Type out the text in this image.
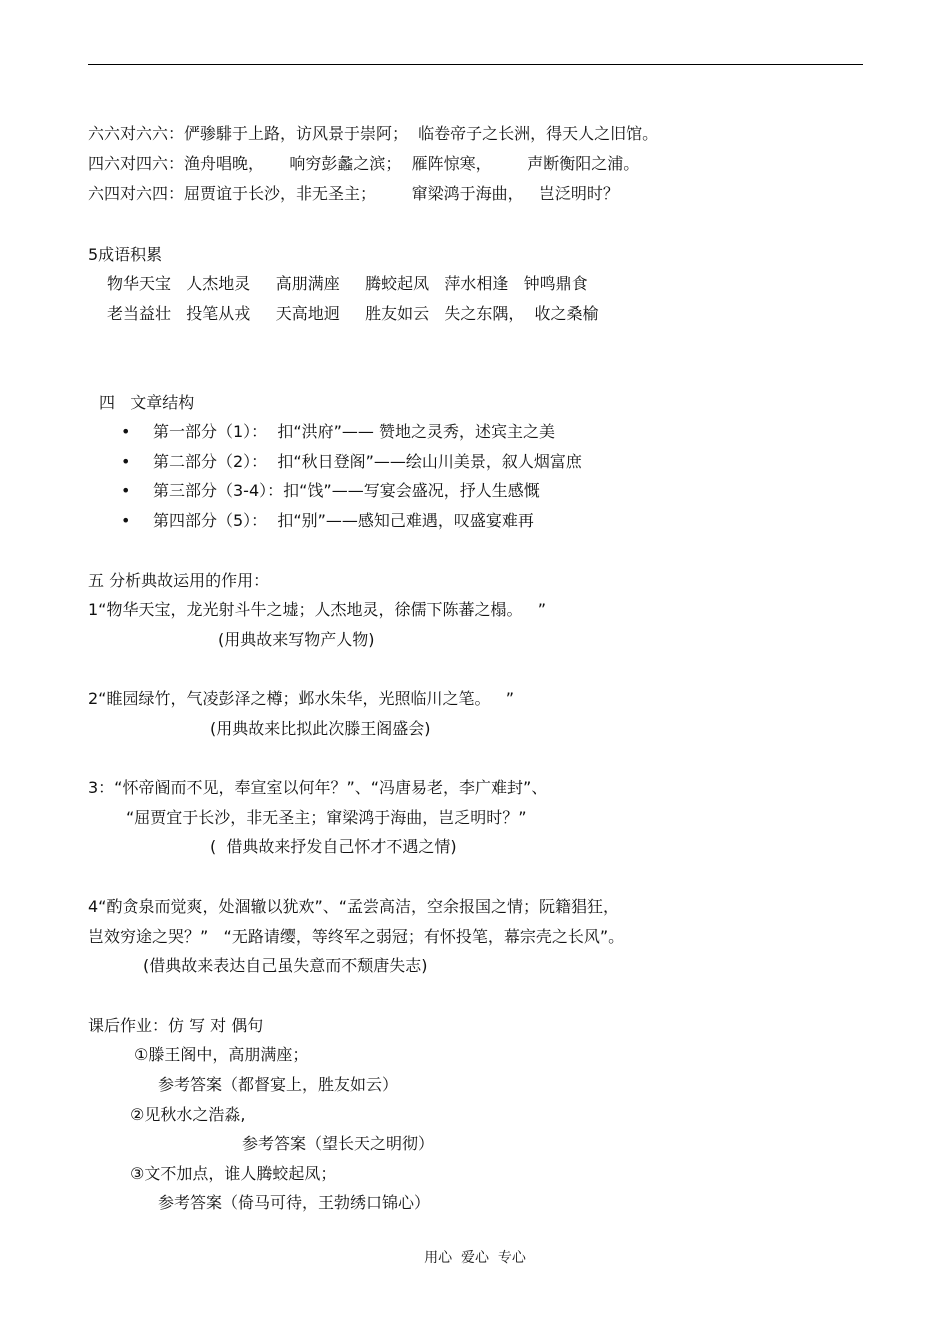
六六对六六：俨骖騑于上路，访风景于崇阿；  临卷帝子之长洲，得天人之旧馆。
四六对四六：渔舟唱晚，     响穷彭蠡之滨；  雁阵惊寒，       声断衡阳之浦。
六四对六四：屈贾谊于长沙，非无圣主；       窜梁鸿于海曲，   岂泛明时？
5成语积累
物华天宝   人杰地灵     高朋满座     腾蛟起凤   萍水相逢   钟鸣鼎食
老当益壮   投笔从戎     天高地迥     胜友如云   失之东隅，  收之桑榆
四   文章结构
• 第一部分（1）：  扣“洪府”—— 赞地之灵秀，述宾主之美
• 第二部分（2）：  扣“秋日登阁”——绘山川美景，叙人烟富庶
• 第三部分（3-4）：扣“饯”——写宴会盛况，抒人生感慨
• 第四部分（5）：  扣“别”——感知己难遇，叹盛宴难再
五 分析典故运用的作用：
1“物华天宝，龙光射斗牛之墟；人杰地灵，徐儒下陈蕃之榻。   ”
(用典故来写物产人物)
2“睢园绿竹，气凌彭泽之樽；邺水朱华，光照临川之笔。   ”
(用典故来比拟此次滕王阁盛会)
3：“怀帝阍而不见，奉宣室以何年？”、“冯唐易老，李广难封”、
“屈贾宜于长沙，非无圣主；窜梁鸿于海曲，岂乏明时？”
(  借典故来抒发自己怀才不遇之情)
4“酌贪泉而觉爽，处涸辙以犹欢”、“孟尝高洁，空余报国之情；阮籍猖狂，
岂效穷途之哭？”   “无路请缨，等终军之弱冠；有怀投笔，幕宗壳之长风”。
(借典故来表达自己虽失意而不颓唐失志)
课后作业：仿 写 对 偶句
①滕王阁中，高朋满座；
参考答案（都督宴上，胜友如云）
②见秋水之浩淼,
参考答案（望长天之明彻）
③文不加点，谁人腾蛟起凤；
参考答案（倚马可待，王勃绣口锦心）
用心  爱心  专心
